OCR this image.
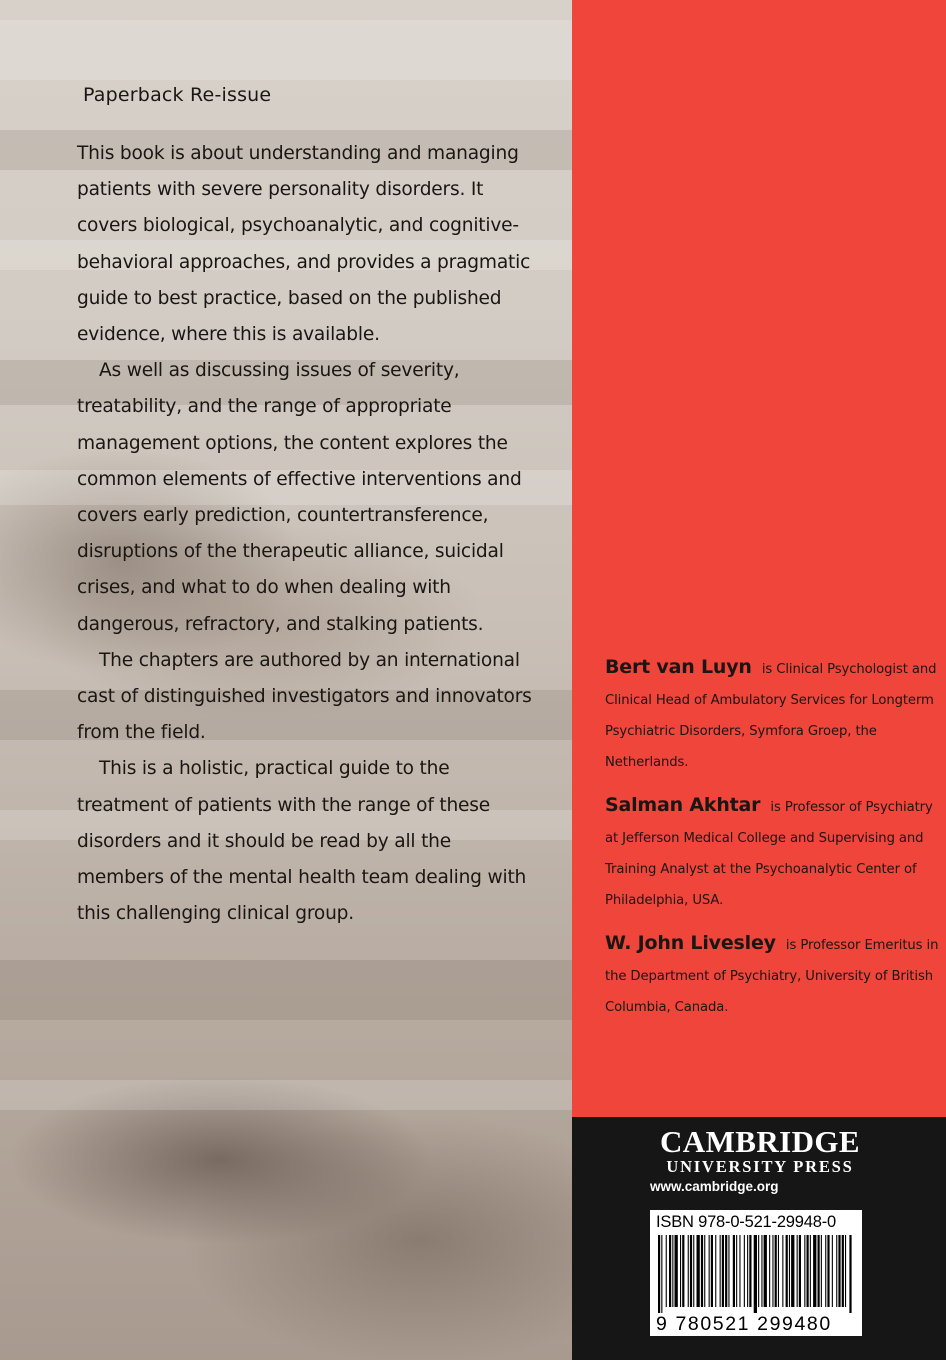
Paperback Re-issue

This book is about understanding and managing patients with severe personality disorders. It covers biological, psychoanalytic, and cognitive-behavioral approaches, and provides a pragmatic guide to best practice, based on the published evidence, where this is available.

As well as discussing issues of severity, treatability, and the range of appropriate management options, the content explores the common elements of effective interventions and covers early prediction, countertransference, disruptions of the therapeutic alliance, suicidal crises, and what to do when dealing with dangerous, refractory, and stalking patients.

The chapters are authored by an international cast of distinguished investigators and innovators from the field.

This is a holistic, practical guide to the treatment of patients with the range of these disorders and it should be read by all the members of the mental health team dealing with this challenging clinical group.

Bert van Luyn is Clinical Psychologist and Clinical Head of Ambulatory Services for Longterm Psychiatric Disorders, Symfora Groep, the Netherlands.

Salman Akhtar is Professor of Psychiatry at Jefferson Medical College and Supervising and Training Analyst at the Psychoanalytic Center of Philadelphia, USA.

W. John Livesley is Professor Emeritus in the Department of Psychiatry, University of British Columbia, Canada.

CAMBRIDGE
UNIVERSITY PRESS
www.cambridge.org
ISBN 978-0-521-29948-0
9 780521 299480
